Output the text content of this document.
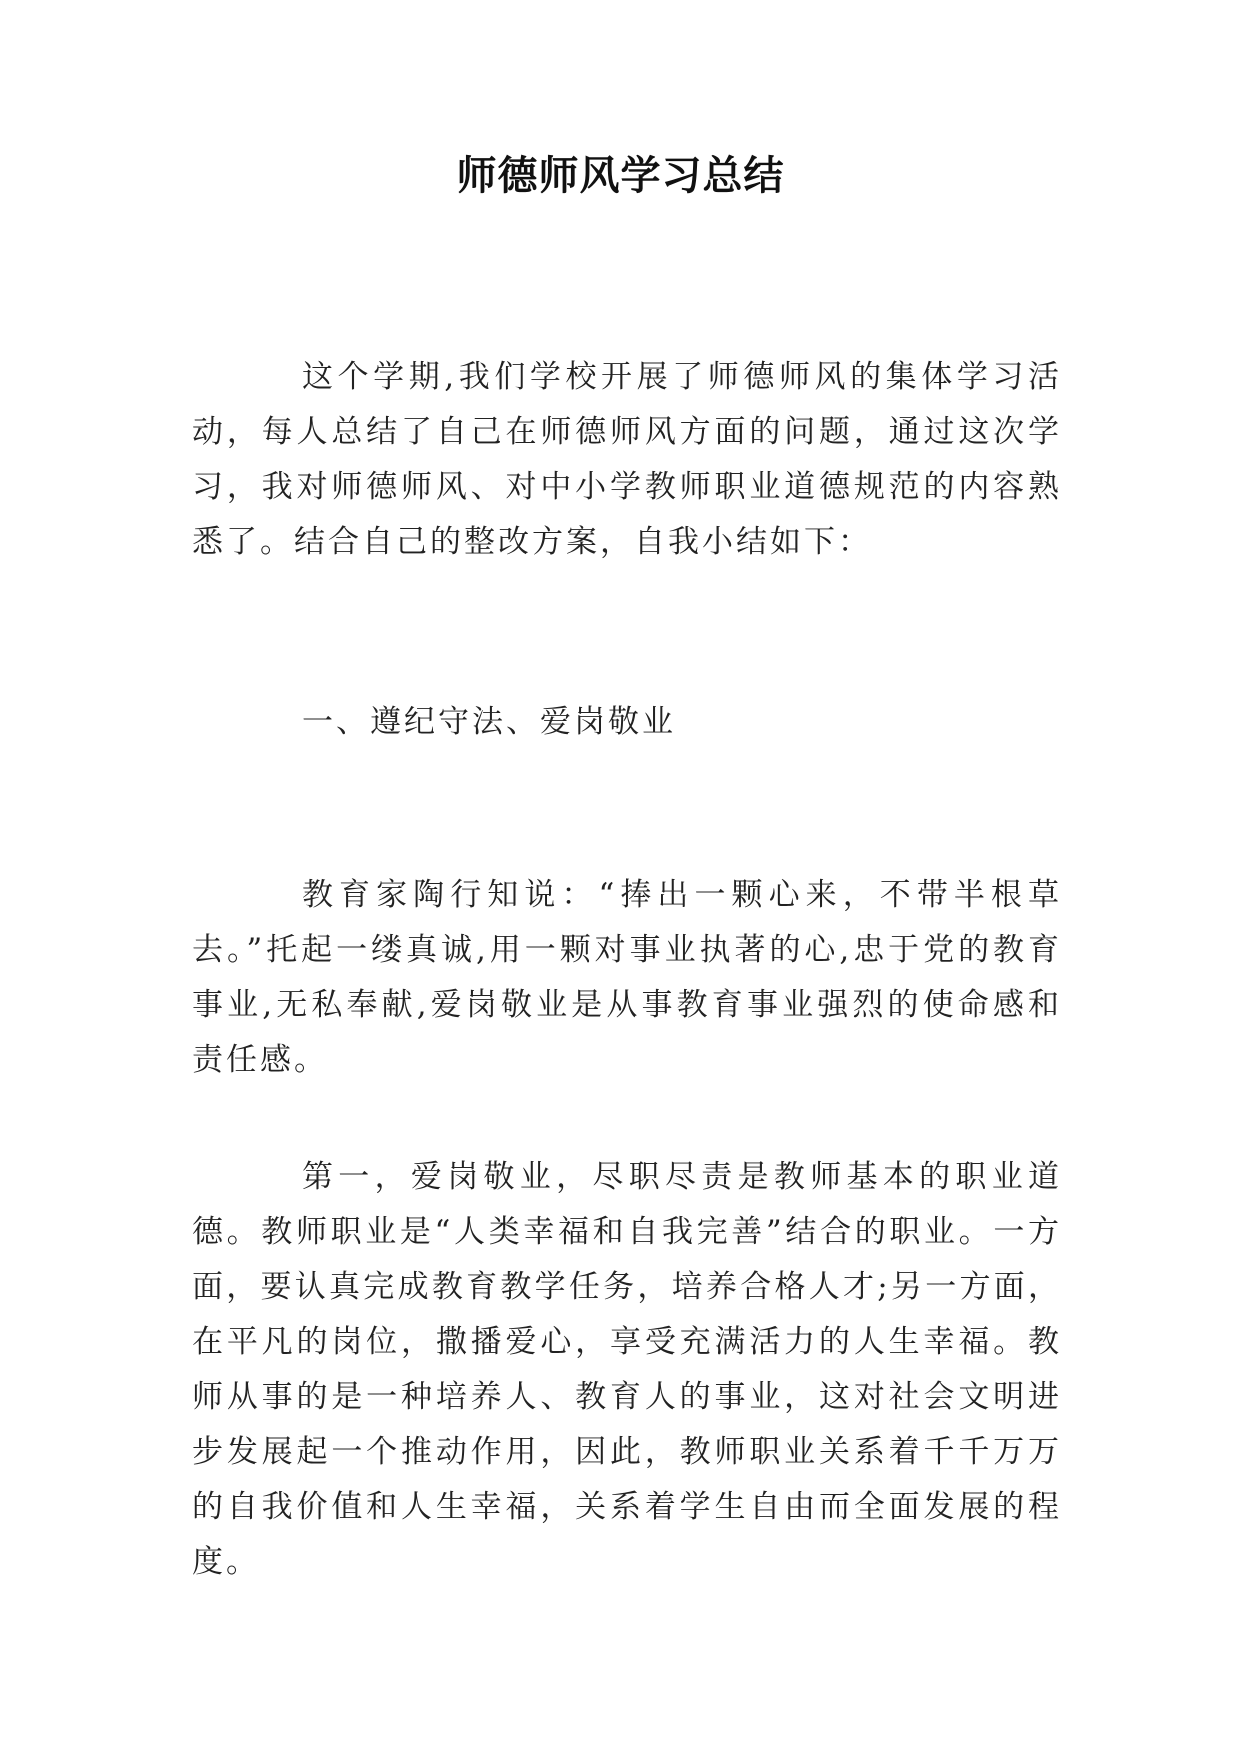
师德师风学习总结

这个学期,我们学校开展了师德师风的集体学习活动，每人总结了自己在师德师风方面的问题，通过这次学习，我对师德师风、对中小学教师职业道德规范的内容熟悉了。结合自己的整改方案，自我小结如下：

一、遵纪守法、爱岗敬业

教育家陶行知说：“捧出一颗心来，不带半根草去。”托起一缕真诚,用一颗对事业执著的心,忠于党的教育事业,无私奉献,爱岗敬业是从事教育事业强烈的使命感和责任感。

第一，爱岗敬业，尽职尽责是教师基本的职业道德。教师职业是“人类幸福和自我完善”结合的职业。一方面，要认真完成教育教学任务，培养合格人才;另一方面，在平凡的岗位，撒播爱心，享受充满活力的人生幸福。教师从事的是一种培养人、教育人的事业，这对社会文明进步发展起一个推动作用，因此，教师职业关系着千千万万的自我价值和人生幸福，关系着学生自由而全面发展的程度。
